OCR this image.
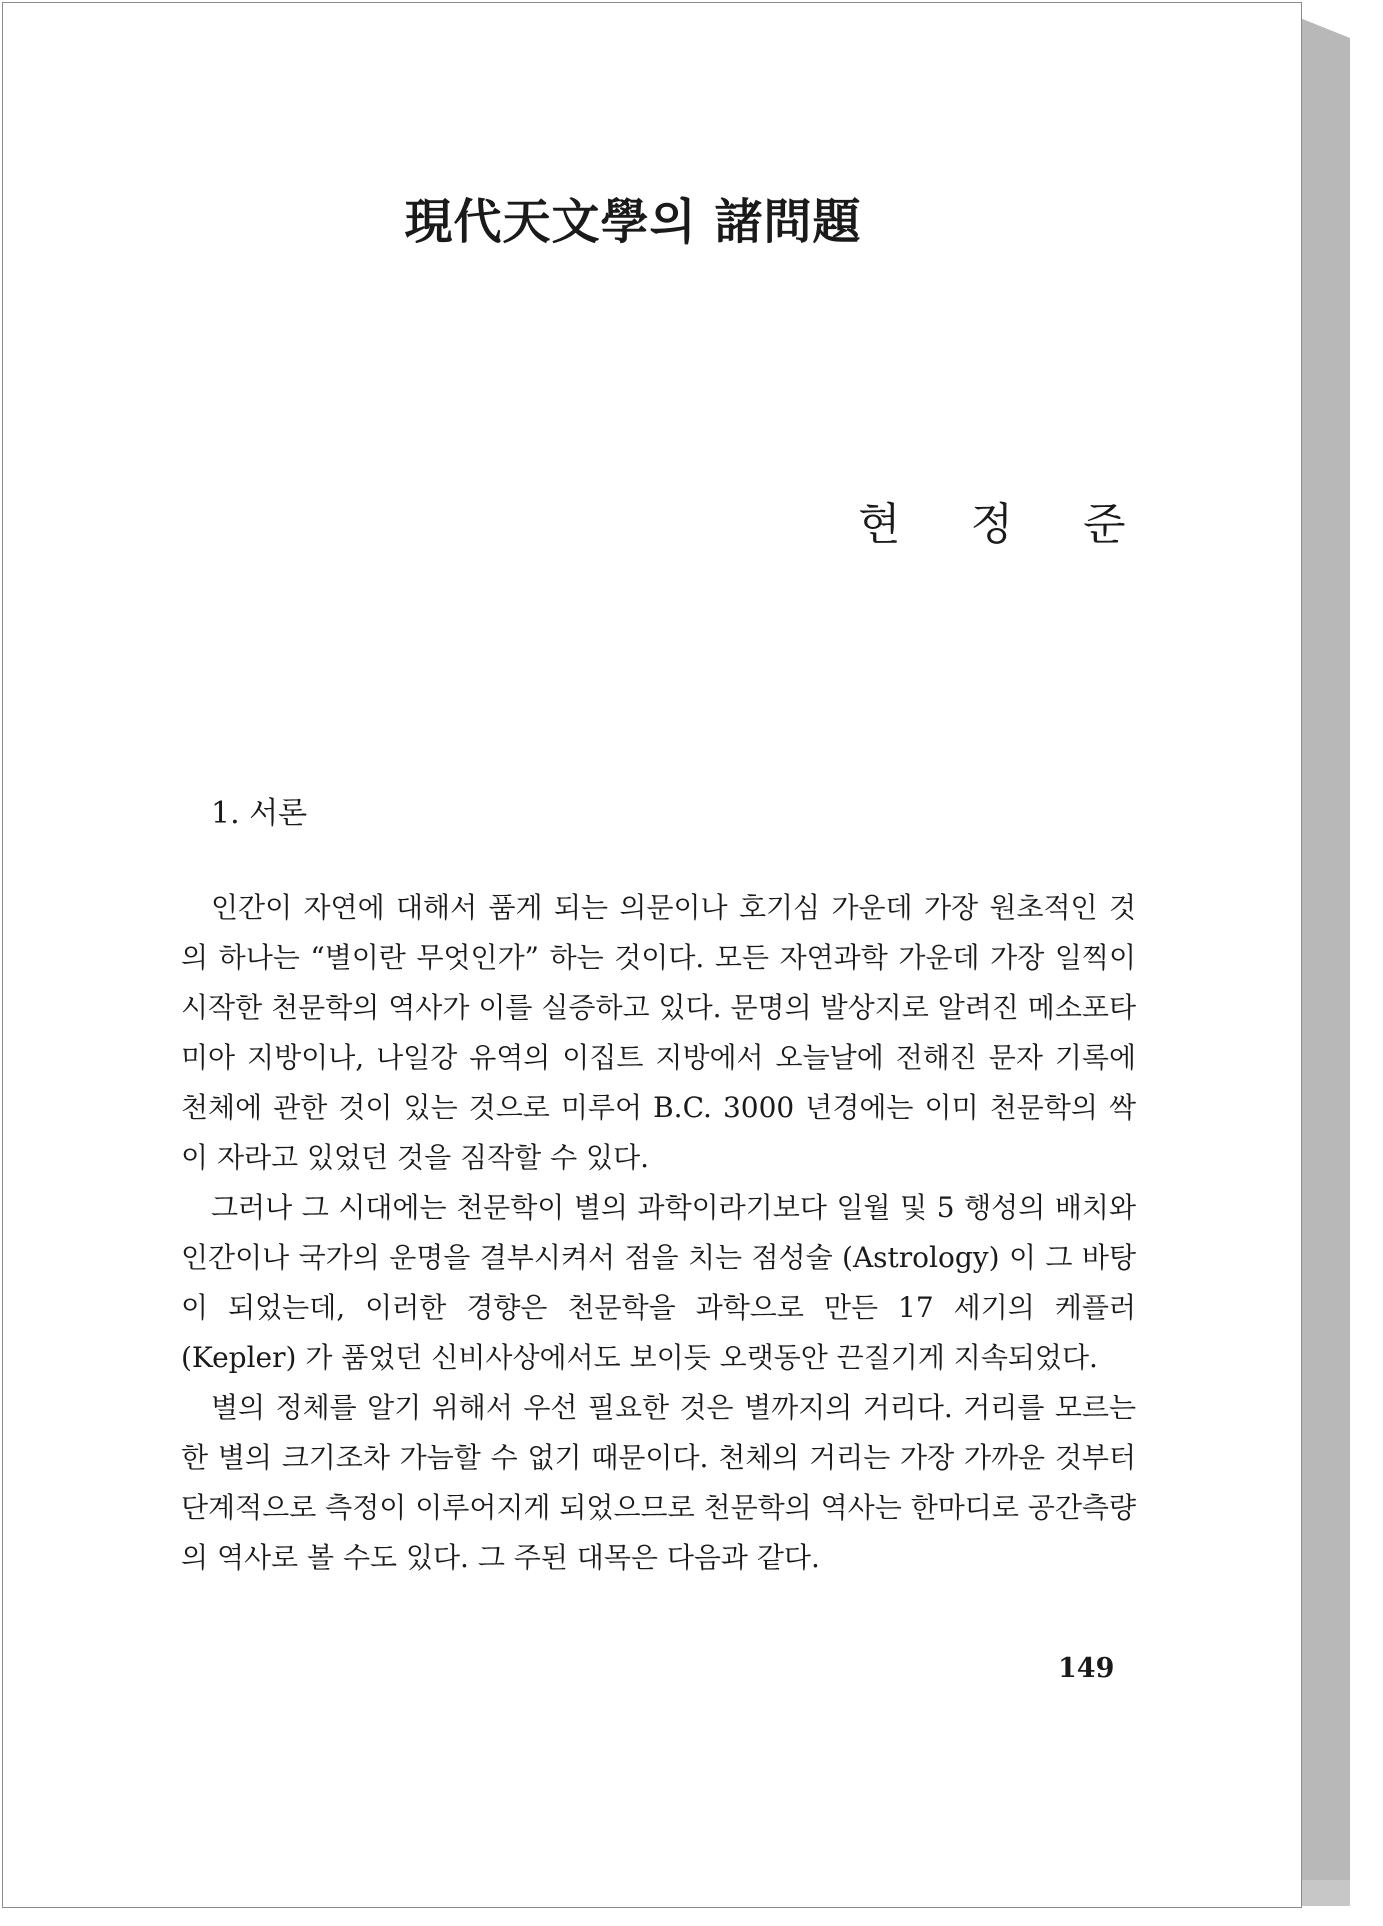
現代天文學의 諸問題
현 정 준
1. 서론

인간이 자연에 대해서 품게 되는 의문이나 호기심 가운데 가장 원초적인 것의 하나는 “별이란 무엇인가” 하는 것이다. 모든 자연과학 가운데 가장 일찍이 시작한 천문학의 역사가 이를 실증하고 있다. 문명의 발상지로 알려진 메소포타미아 지방이나, 나일강 유역의 이집트 지방에서 오늘날에 전해진 문자 기록에 천체에 관한 것이 있는 것으로 미루어 B.C. 3000 년경에는 이미 천문학의 싹이 자라고 있었던 것을 짐작할 수 있다.

그러나 그 시대에는 천문학이 별의 과학이라기보다 일월 및 5 행성의 배치와 인간이나 국가의 운명을 결부시켜서 점을 치는 점성술 (Astrology) 이 그 바탕이 되었는데, 이러한 경향은 천문학을 과학으로 만든 17 세기의 케플러 (Kepler) 가 품었던 신비사상에서도 보이듯 오랫동안 끈질기게 지속되었다.

별의 정체를 알기 위해서 우선 필요한 것은 별까지의 거리다. 거리를 모르는 한 별의 크기조차 가늠할 수 없기 때문이다. 천체의 거리는 가장 가까운 것부터 단계적으로 측정이 이루어지게 되었으므로 천문학의 역사는 한마디로 공간측량의 역사로 볼 수도 있다. 그 주된 대목은 다음과 같다.

149
